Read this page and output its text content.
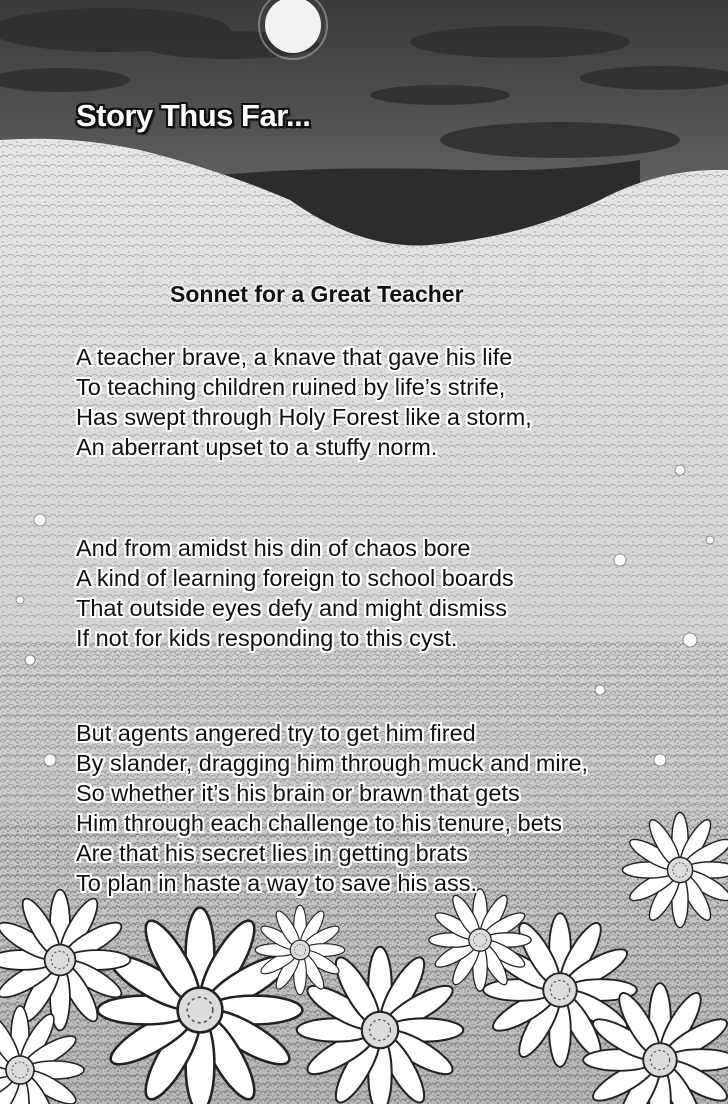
Story Thus Far...
Sonnet for a Great Teacher
A teacher brave, a knave that gave his life
To teaching children ruined by life’s strife,
Has swept through Holy Forest like a storm,
An aberrant upset to a stuffy norm.
And from amidst his din of chaos bore
A kind of learning foreign to school boards
That outside eyes defy and might dismiss
If not for kids responding to this cyst.
But agents angered try to get him fired
By slander, dragging him through muck and mire,
So whether it’s his brain or brawn that gets
Him through each challenge to his tenure, bets
Are that his secret lies in getting brats
To plan in haste a way to save his ass.
